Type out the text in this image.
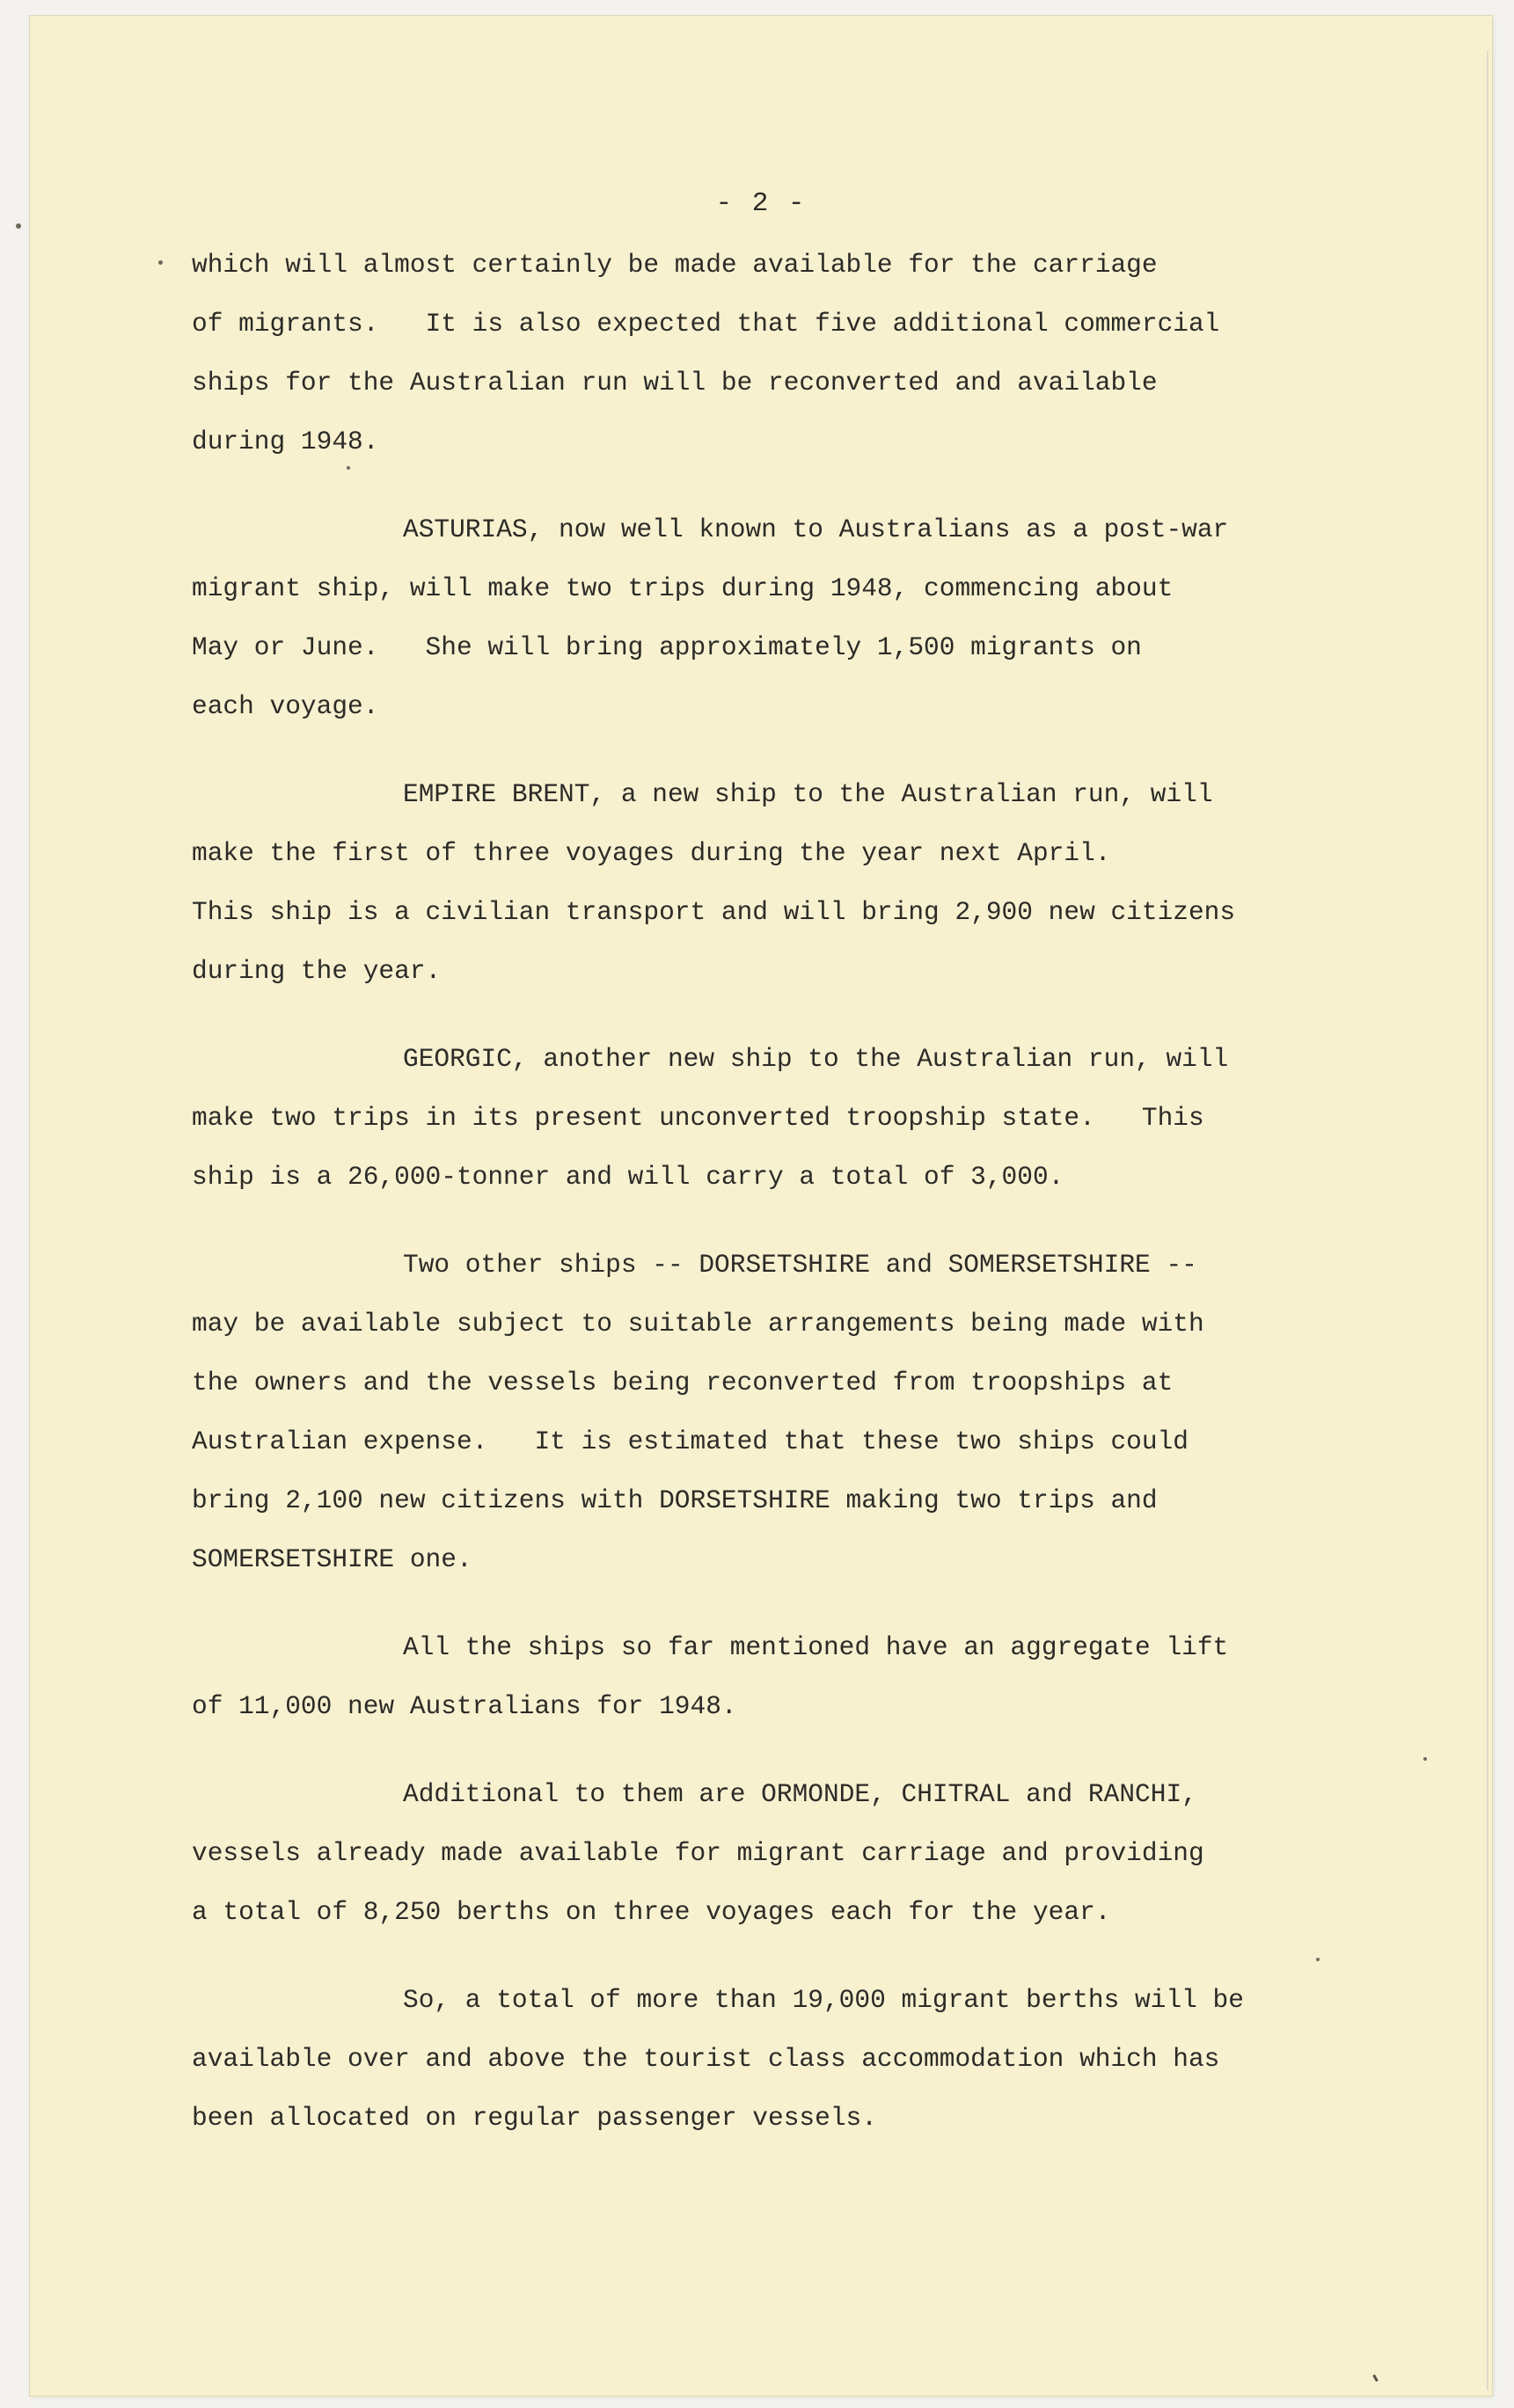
- 2 -
which will almost certainly be made available for the carriage
of migrants.   It is also expected that five additional commercial
ships for the Australian run will be reconverted and available
during 1948.
ASTURIAS, now well known to Australians as a post-war
migrant ship, will make two trips during 1948, commencing about
May or June.   She will bring approximately 1,500 migrants on
each voyage.
EMPIRE BRENT, a new ship to the Australian run, will
make the first of three voyages during the year next April.
This ship is a civilian transport and will bring 2,900 new citizens
during the year.
GEORGIC, another new ship to the Australian run, will
make two trips in its present unconverted troopship state.   This
ship is a 26,000-tonner and will carry a total of 3,000.
Two other ships -- DORSETSHIRE and SOMERSETSHIRE --
may be available subject to suitable arrangements being made with
the owners and the vessels being reconverted from troopships at
Australian expense.   It is estimated that these two ships could
bring 2,100 new citizens with DORSETSHIRE making two trips and
SOMERSETSHIRE one.
All the ships so far mentioned have an aggregate lift
of 11,000 new Australians for 1948.
Additional to them are ORMONDE, CHITRAL and RANCHI,
vessels already made available for migrant carriage and providing
a total of 8,250 berths on three voyages each for the year.
So, a total of more than 19,000 migrant berths will be
available over and above the tourist class accommodation which has
been allocated on regular passenger vessels.
